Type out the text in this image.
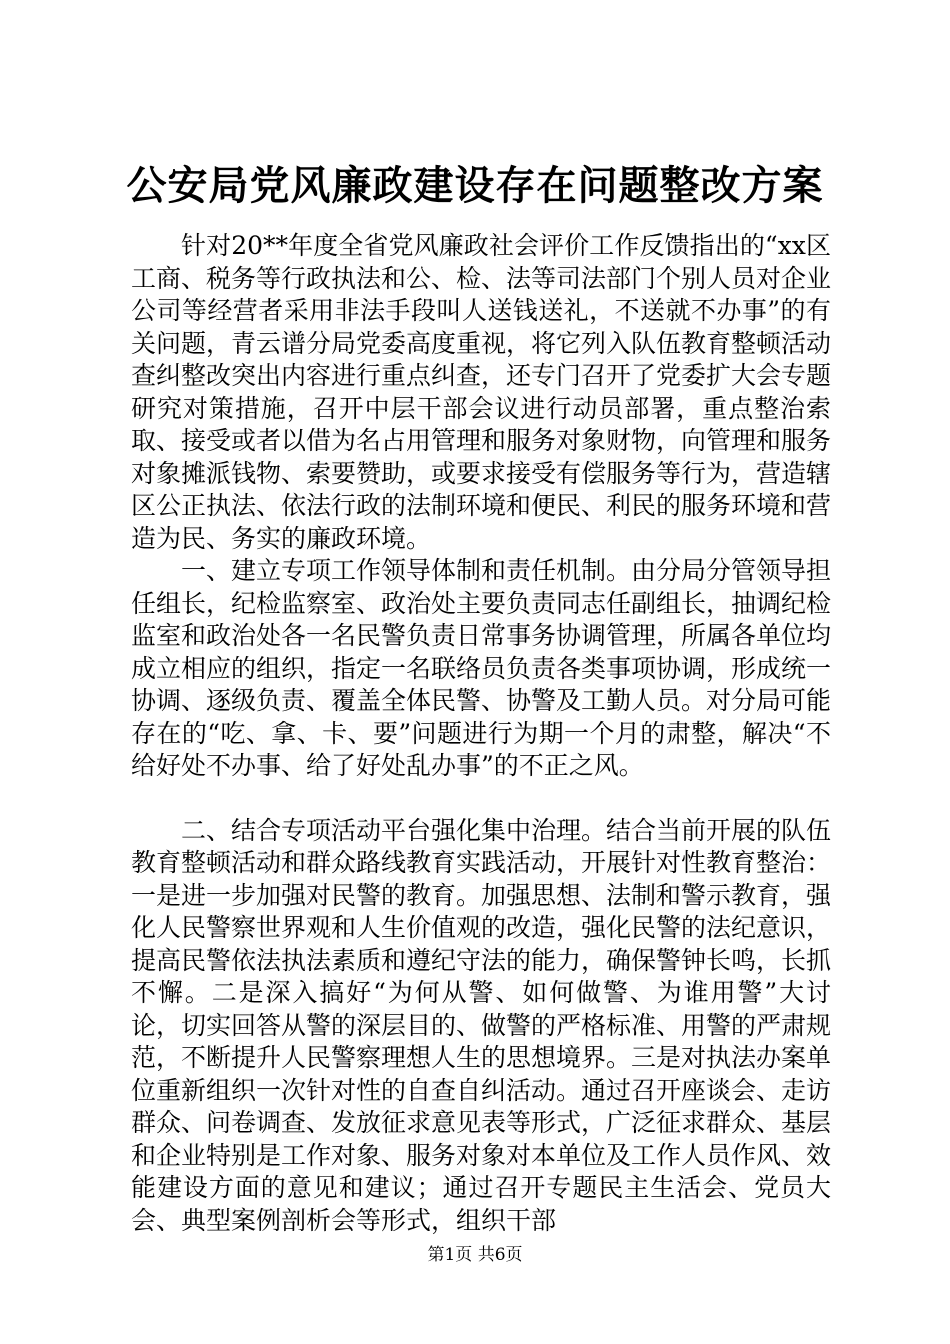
公安局党风廉政建设存在问题整改方案

针对20**年度全省党风廉政社会评价工作反馈指出的“xx区工商、税务等行政执法和公、检、法等司法部门个别人员对企业公司等经营者采用非法手段叫人送钱送礼，不送就不办事”的有关问题，青云谱分局党委高度重视，将它列入队伍教育整顿活动查纠整改突出内容进行重点纠查，还专门召开了党委扩大会专题研究对策措施，召开中层干部会议进行动员部署，重点整治索取、接受或者以借为名占用管理和服务对象财物，向管理和服务对象摊派钱物、索要赞助，或要求接受有偿服务等行为，营造辖区公正执法、依法行政的法制环境和便民、利民的服务环境和营造为民、务实的廉政环境。

一、建立专项工作领导体制和责任机制。由分局分管领导担任组长，纪检监察室、政治处主要负责同志任副组长，抽调纪检监室和政治处各一名民警负责日常事务协调管理，所属各单位均成立相应的组织，指定一名联络员负责各类事项协调，形成统一协调、逐级负责、覆盖全体民警、协警及工勤人员。对分局可能存在的“吃、拿、卡、要”问题进行为期一个月的肃整，解决“不给好处不办事、给了好处乱办事”的不正之风。

二、结合专项活动平台强化集中治理。结合当前开展的队伍教育整顿活动和群众路线教育实践活动，开展针对性教育整治：一是进一步加强对民警的教育。加强思想、法制和警示教育，强化人民警察世界观和人生价值观的改造，强化民警的法纪意识，提高民警依法执法素质和遵纪守法的能力，确保警钟长鸣，长抓不懈。二是深入搞好“为何从警、如何做警、为谁用警”大讨论，切实回答从警的深层目的、做警的严格标准、用警的严肃规范，不断提升人民警察理想人生的思想境界。三是对执法办案单位重新组织一次针对性的自查自纠活动。通过召开座谈会、走访群众、问卷调查、发放征求意见表等形式，广泛征求群众、基层和企业特别是工作对象、服务对象对本单位及工作人员作风、效能建设方面的意见和建议；通过召开专题民主生活会、党员大会、典型案例剖析会等形式，组织干部

第1页 共6页
